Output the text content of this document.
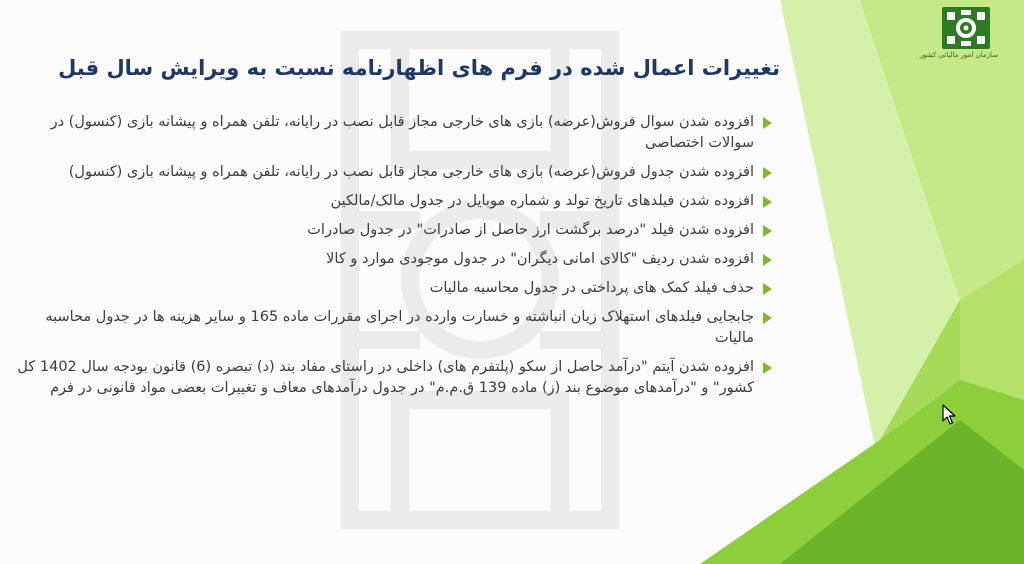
سازمان امور مالیاتی کشور
تغییرات اعمال شده در فرم های اظهارنامه نسبت به ویرایش سال قبل
افزوده شدن سوال فروش(عرضه) بازی های خارجی مجاز قابل نصب در رایانه، تلفن همراه و پیشانه بازی (کنسول) در سوالات اختصاصی
افزوده شدن جدول فروش(عرضه) بازی های خارجی مجاز قابل نصب در رایانه، تلفن همراه و پیشانه بازی (کنسول)
افزوده شدن فیلدهای تاریخ تولد و شماره موبایل در جدول مالک/مالکین
افزوده شدن فیلد "درصد برگشت ارز حاصل از صادرات" در جدول صادرات
افزوده شدن ردیف "کالای امانی دیگران" در جدول موجودی موارد و کالا
حذف فیلد کمک های پرداختی در جدول محاسبه مالیات
جابجایی فیلدهای استهلاک زیان انباشته و خسارت وارده در اجرای مقررات ماده 165 و سایر هزینه ها در جدول محاسبه مالیات
افزوده شدن آیتم "درآمد حاصل از سکو (پلتفرم های) داخلی در راستای مفاد بند (د) تبصره (6) قانون بودجه سال 1402 کل کشور" و "درآمدهای موضوع بند (ز) ماده 139 ق.م.م" در جدول درآمدهای معاف و تغییرات بعضی مواد قانونی در فرم
